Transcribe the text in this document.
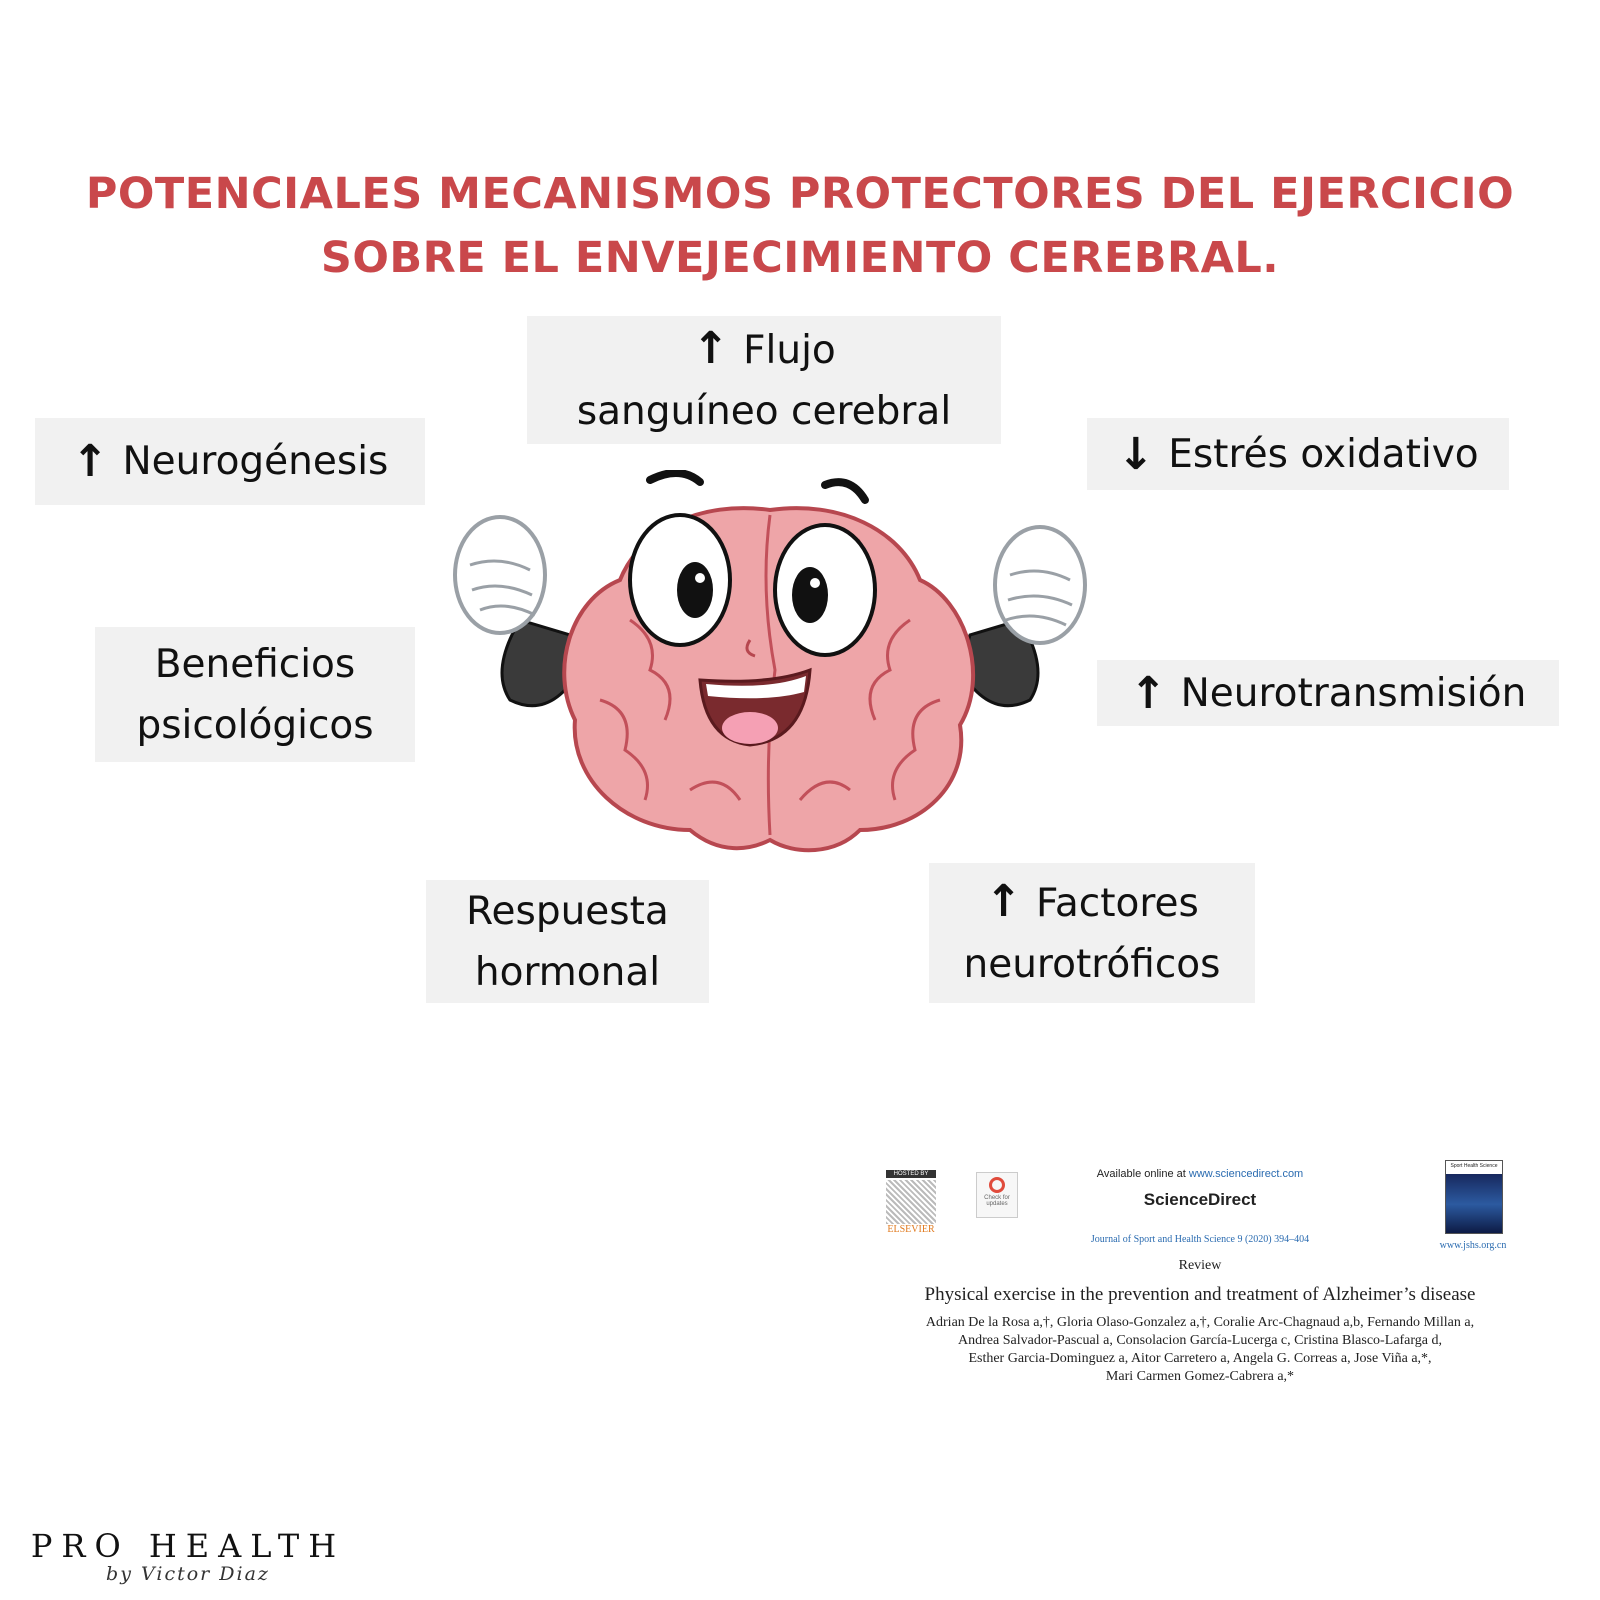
POTENCIALES MECANISMOS PROTECTORES DEL EJERCICIO
SOBRE EL ENVEJECIMIENTO CEREBRAL.
↑ Flujo
sanguíneo cerebral
↑ Neurogénesis	↓ Estrés oxidativo
Beneficios
psicológicos
↑ Neurotransmisión
Respuesta
hormonal
↑ Factores
neurotróficos
HOSTED BY
ELSEVIER
Check for updates
Available online at www.sciencedirect.com
ScienceDirect
Journal of Sport and Health Science 9 (2020) 394–404
Sport Health Science
www.jshs.org.cn
Review
Physical exercise in the prevention and treatment of Alzheimer’s disease
Adrian De la Rosa a,†, Gloria Olaso-Gonzalez a,†, Coralie Arc-Chagnaud a,b, Fernando Millan a,
Andrea Salvador-Pascual a, Consolacion García-Lucerga c, Cristina Blasco-Lafarga d,
Esther Garcia-Dominguez a, Aitor Carretero a, Angela G. Correas a, Jose Viña a,*,
Mari Carmen Gomez-Cabrera a,*
PRO HEALTH
by Victor Diaz
